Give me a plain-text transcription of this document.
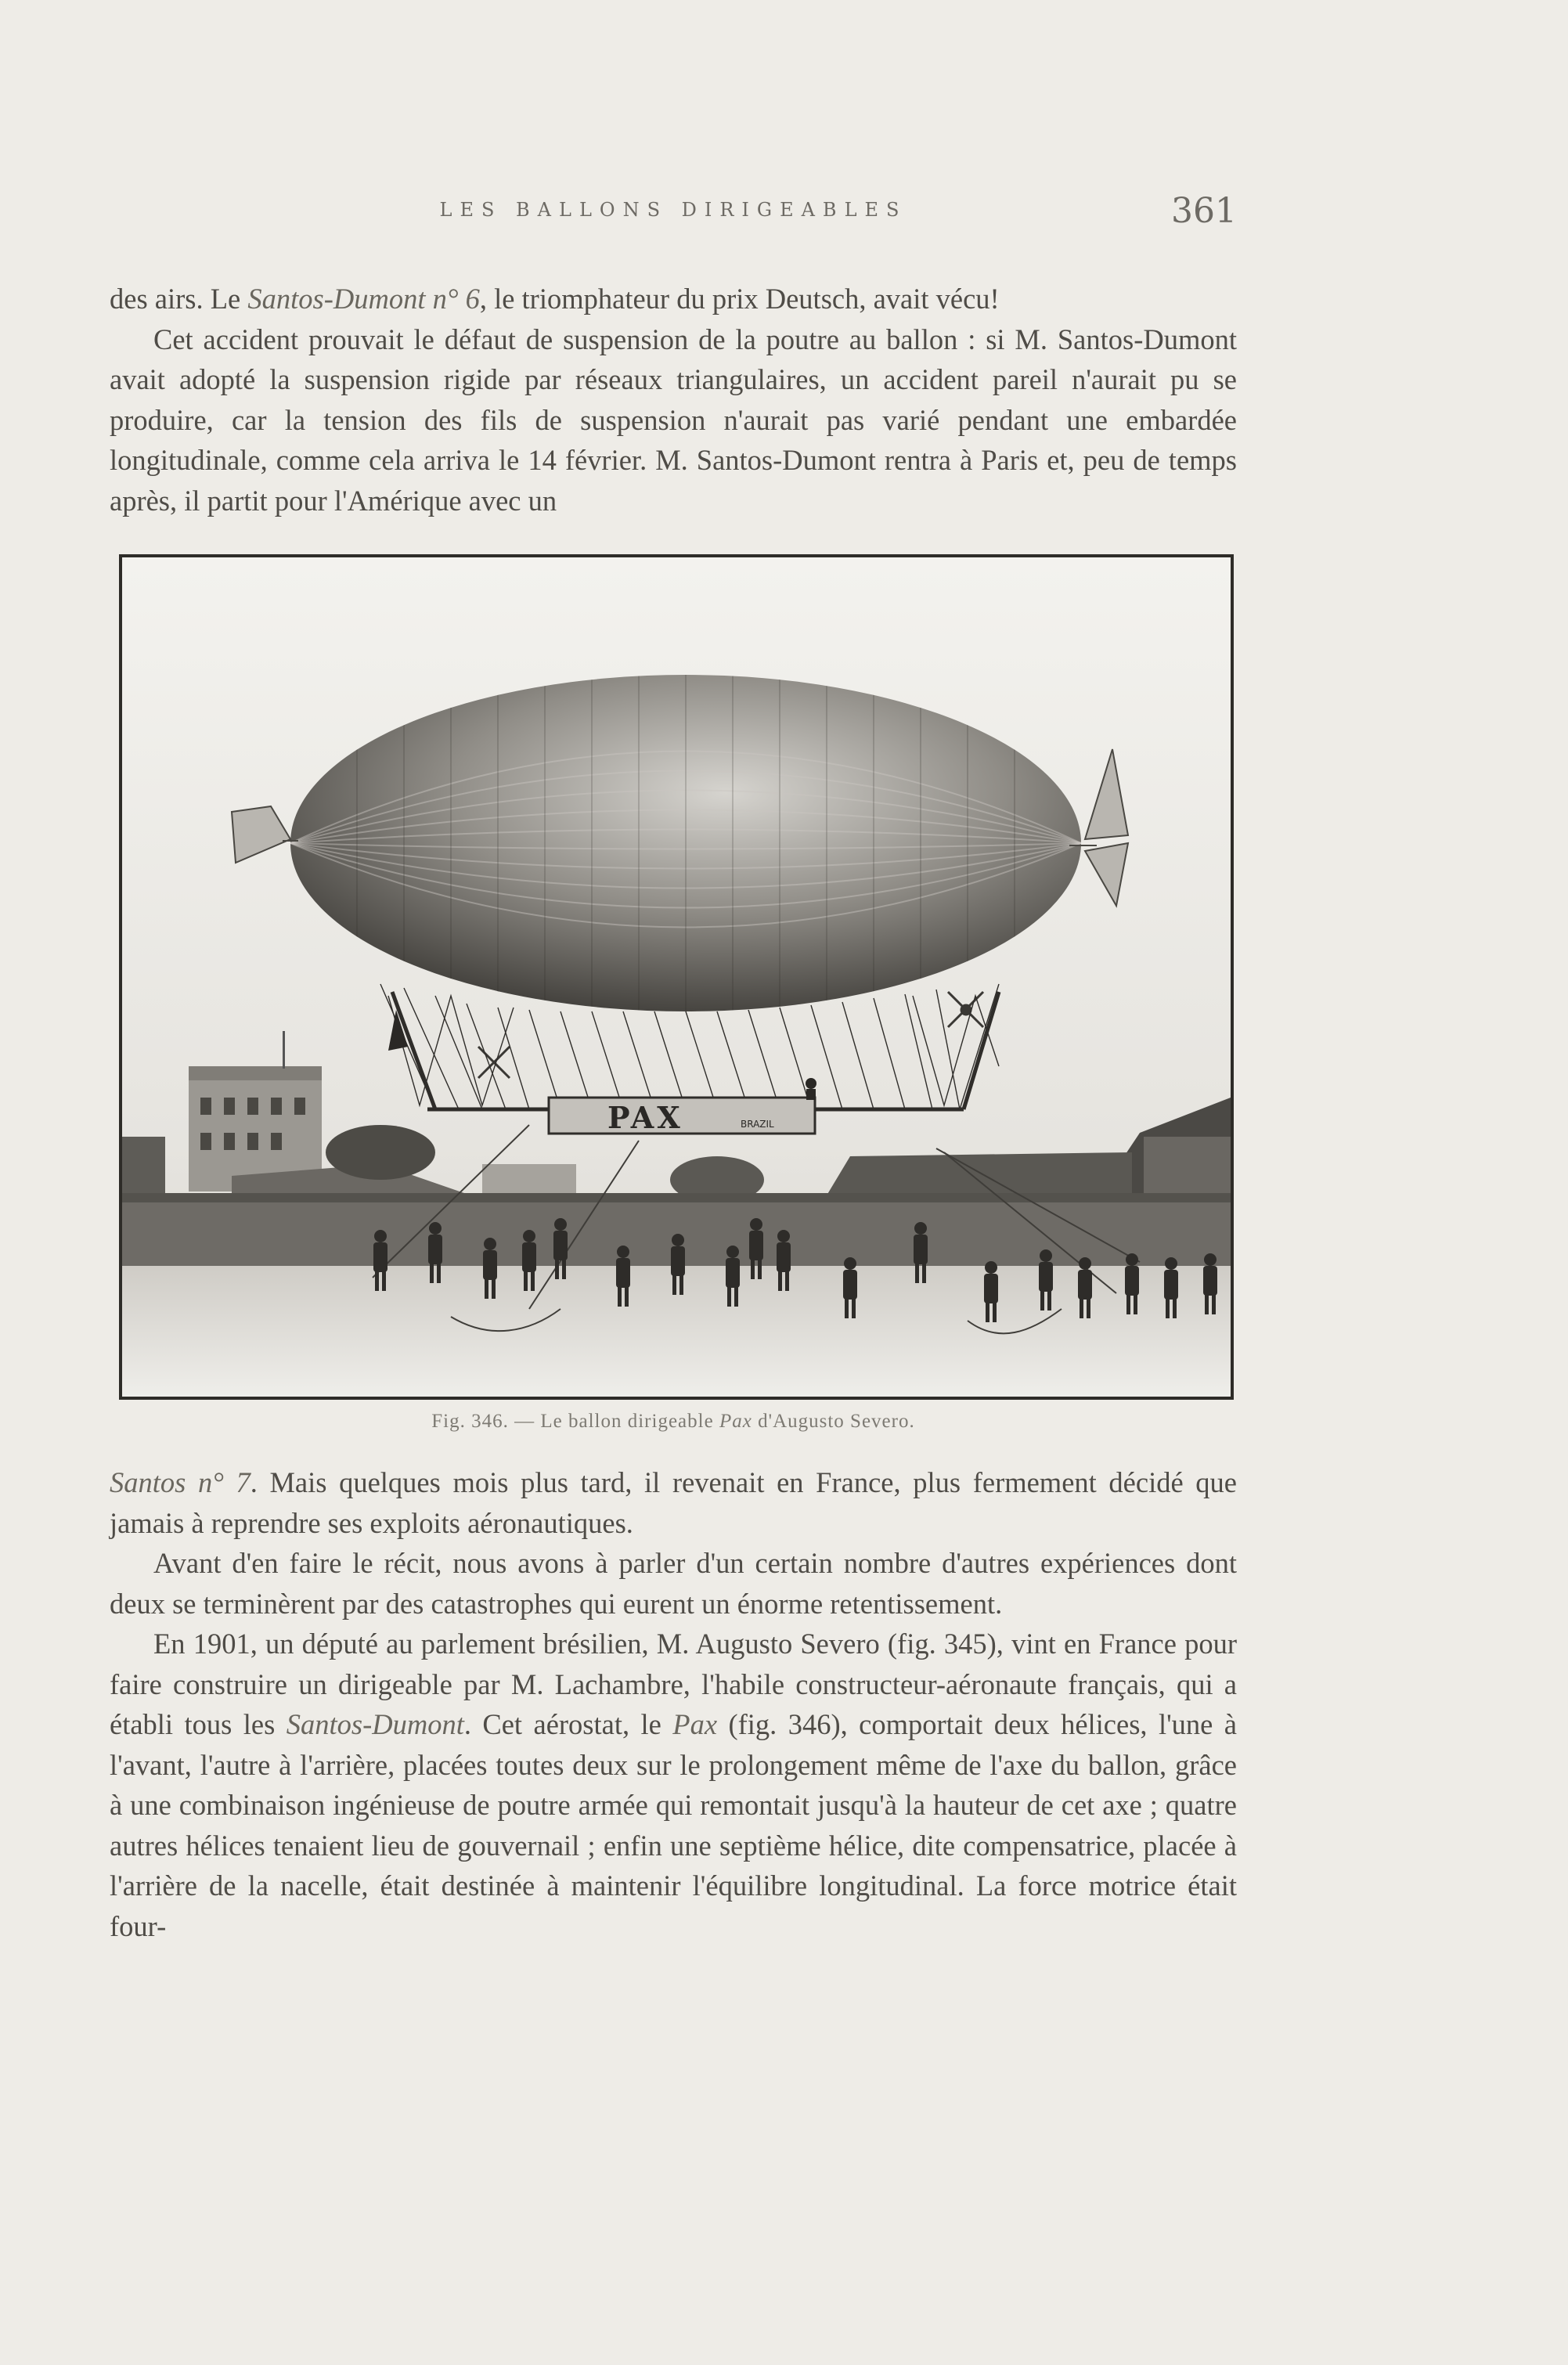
LES BALLONS DIRIGEABLES	361

des airs. Le Santos-Dumont n° 6, le triomphateur du prix Deutsch, avait vécu!

Cet accident prouvait le défaut de suspension de la poutre au ballon : si M. Santos-Dumont avait adopté la suspension rigide par réseaux triangulaires, un accident pareil n'aurait pu se produire, car la tension des fils de suspension n'aurait pas varié pendant une embardée longitudinale, comme cela arriva le 14 février. M. Santos-Dumont rentra à Paris et, peu de temps après, il partit pour l'Amérique avec un

PAX	BRAZIL
Fig. 346. — Le ballon dirigeable Pax d'Augusto Severo.

Santos n° 7. Mais quelques mois plus tard, il revenait en France, plus fermement décidé que jamais à reprendre ses exploits aéronautiques.

Avant d'en faire le récit, nous avons à parler d'un certain nombre d'autres expériences dont deux se terminèrent par des catastrophes qui eurent un énorme retentissement.

En 1901, un député au parlement brésilien, M. Augusto Severo (fig. 345), vint en France pour faire construire un dirigeable par M. Lachambre, l'habile constructeur-aéronaute français, qui a établi tous les Santos-Dumont. Cet aérostat, le Pax (fig. 346), comportait deux hélices, l'une à l'avant, l'autre à l'arrière, placées toutes deux sur le prolongement même de l'axe du ballon, grâce à une combinaison ingénieuse de poutre armée qui remontait jusqu'à la hauteur de cet axe ; quatre autres hélices tenaient lieu de gouvernail ; enfin une septième hélice, dite compensatrice, placée à l'arrière de la nacelle, était destinée à maintenir l'équilibre longitudinal. La force motrice était four-
